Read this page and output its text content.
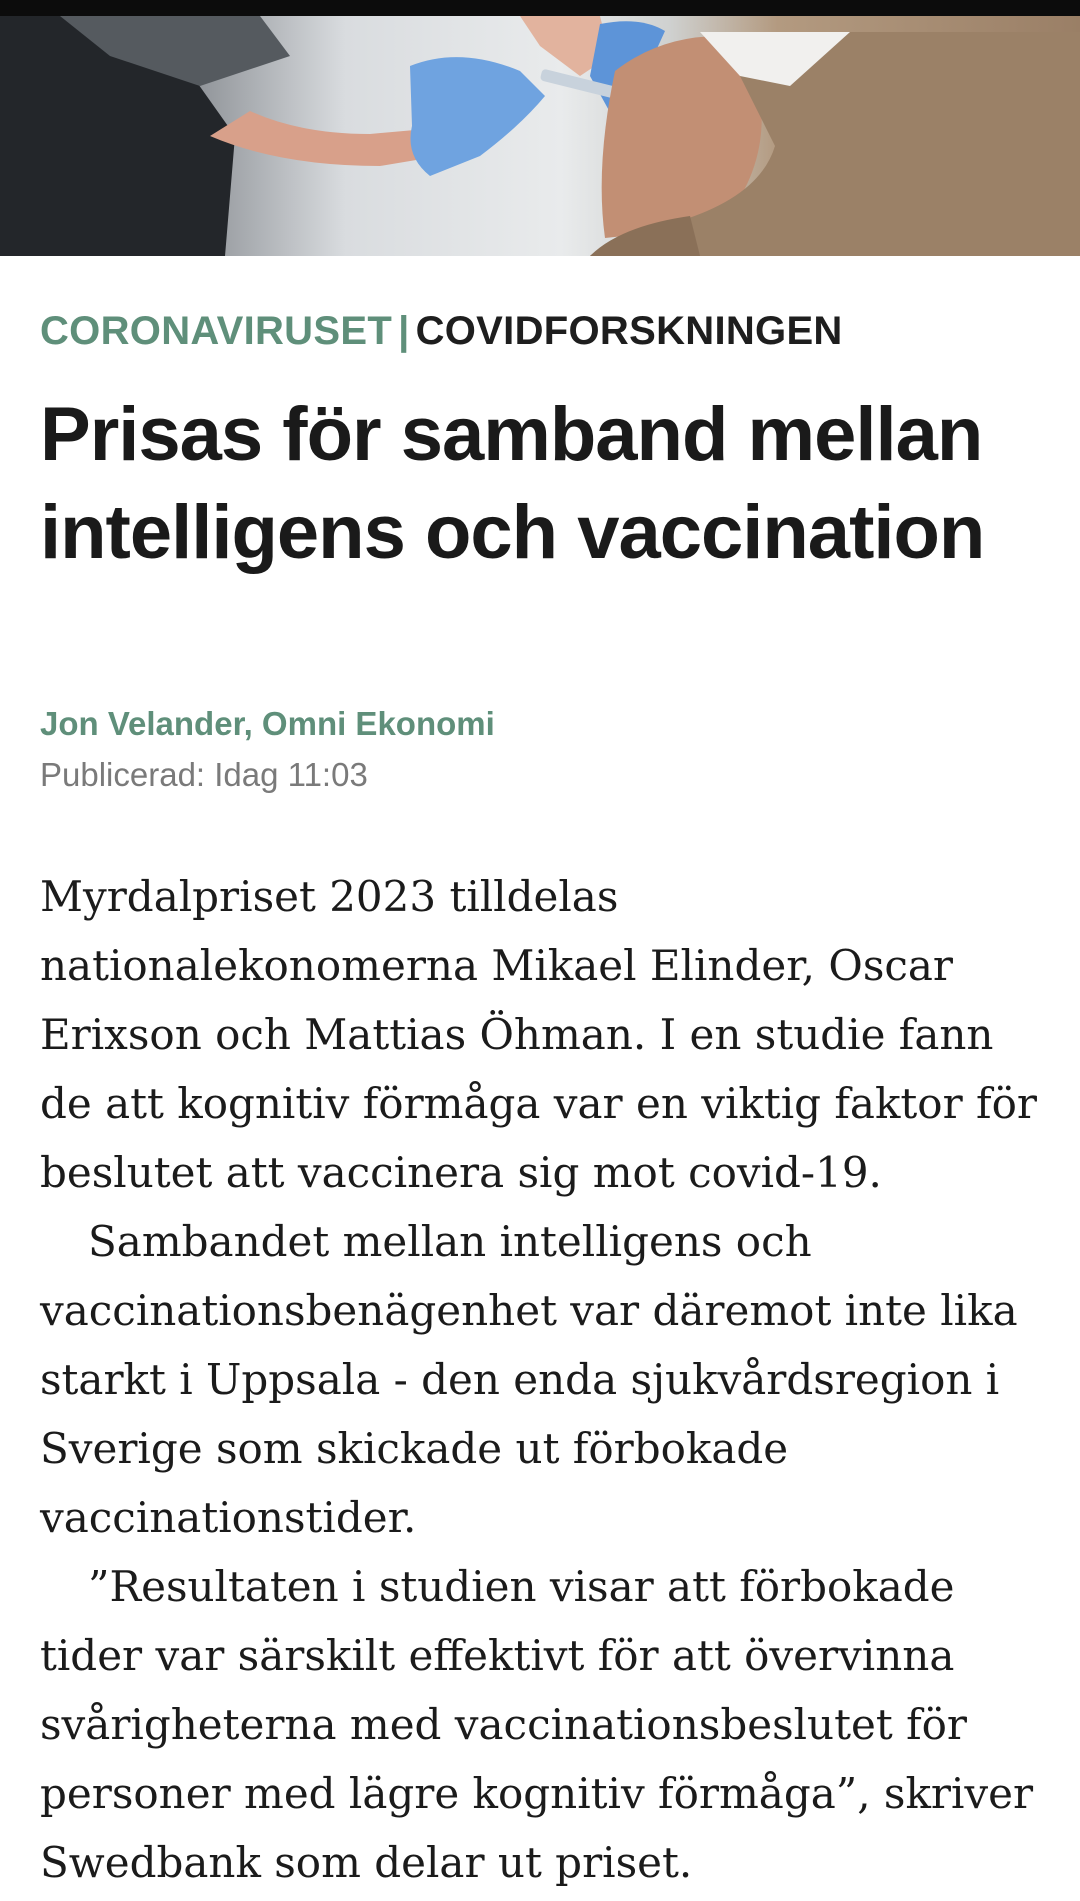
CORONAVIRUSET | COVIDFORSKNINGEN
Prisas för samband mellan intelligens och vaccination
Jon Velander, Omni Ekonomi
Publicerad: Idag 11:03

Myrdalpriset 2023 tilldelas nationalekonomerna Mikael Elinder, Oscar Erixson och Mattias Öhman. I en studie fann de att kognitiv förmåga var en viktig faktor för beslutet att vaccinera sig mot covid-19.

Sambandet mellan intelligens och vaccinationsbenägenhet var däremot inte lika starkt i Uppsala - den enda sjukvårdsregion i Sverige som skickade ut förbokade vaccinationstider.

”Resultaten i studien visar att förbokade tider var särskilt effektivt för att övervinna svårigheterna med vaccinationsbeslutet för personer med lägre kognitiv förmåga”, skriver Swedbank som delar ut priset.
